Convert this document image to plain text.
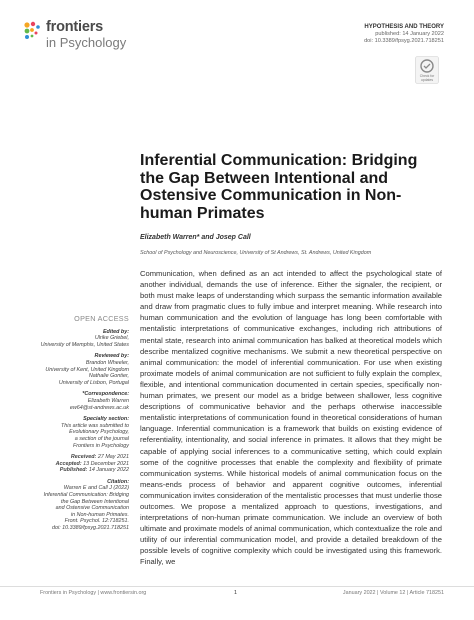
frontiers
in Psychology
HYPOTHESIS AND THEORY
published: 14 January 2022
doi: 10.3389/fpsyg.2021.718251
Check for
updates
Inferential Communication: Bridging the Gap Between Intentional and Ostensive Communication in Non-human Primates
Elizabeth Warren* and Josep Call
School of Psychology and Neuroscience, University of St Andrews, St. Andrews, United Kingdom

Communication, when defined as an act intended to affect the psychological state of another individual, demands the use of inference. Either the signaler, the recipient, or both must make leaps of understanding which surpass the semantic information available and draw from pragmatic clues to fully imbue and interpret meaning. While research into human communication and the evolution of language has long been comfortable with mentalistic interpretations of communicative exchanges, including rich attributions of mental state, research into animal communication has balked at theoretical models which describe mentalized cognitive mechanisms. We submit a new theoretical perspective on animal communication: the model of inferential communication. For use when existing proximate models of animal communication are not sufficient to fully explain the complex, flexible, and intentional communication documented in certain species, specifically non-human primates, we present our model as a bridge between shallower, less cognitive descriptions of communicative behavior and the perhaps otherwise inaccessible mentalistic interpretations of communication found in theoretical considerations of human language. Inferential communication is a framework that builds on existing evidence of referentiality, intentionality, and social inference in primates. It allows that they might be capable of applying social inferences to a communicative setting, which could explain some of the cognitive processes that enable the complexity and flexibility of primate communication systems. While historical models of animal communication focus on the means-ends process of behavior and apparent cognitive outcomes, inferential communication invites consideration of the mentalistic processes that must underlie those outcomes. We propose a mentalized approach to questions, investigations, and interpretations of non-human primate communication. We include an overview of both ultimate and proximate models of animal communication, which contextualize the role and utility of our inferential communication model, and provide a detailed breakdown of the possible levels of cognitive complexity which could be investigated using this framework. Finally, we

OPEN ACCESS
Edited by:
Ulrike Griebel,
University of Memphis, United States
Reviewed by:
Brandon Wheeler,
University of Kent, United Kingdom
Nathalie Gontier,
University of Lisbon, Portugal
*Correspondence:
Elizabeth Warren
ew64@st-andrews.ac.uk
Specialty section:
This article was submitted to
Evolutionary Psychology,
a section of the journal
Frontiers in Psychology
Received: 27 May 2021
Accepted: 13 December 2021
Published: 14 January 2022
Citation:
Warren E and Call J (2022)
Inferential Communication: Bridging
the Gap Between Intentional
and Ostensive Communication
in Non-human Primates.
Front. Psychol. 12:718251.
doi: 10.3389/fpsyg.2021.718251
Frontiers in Psychology | www.frontiersin.org	1	January 2022 | Volume 12 | Article 718251
